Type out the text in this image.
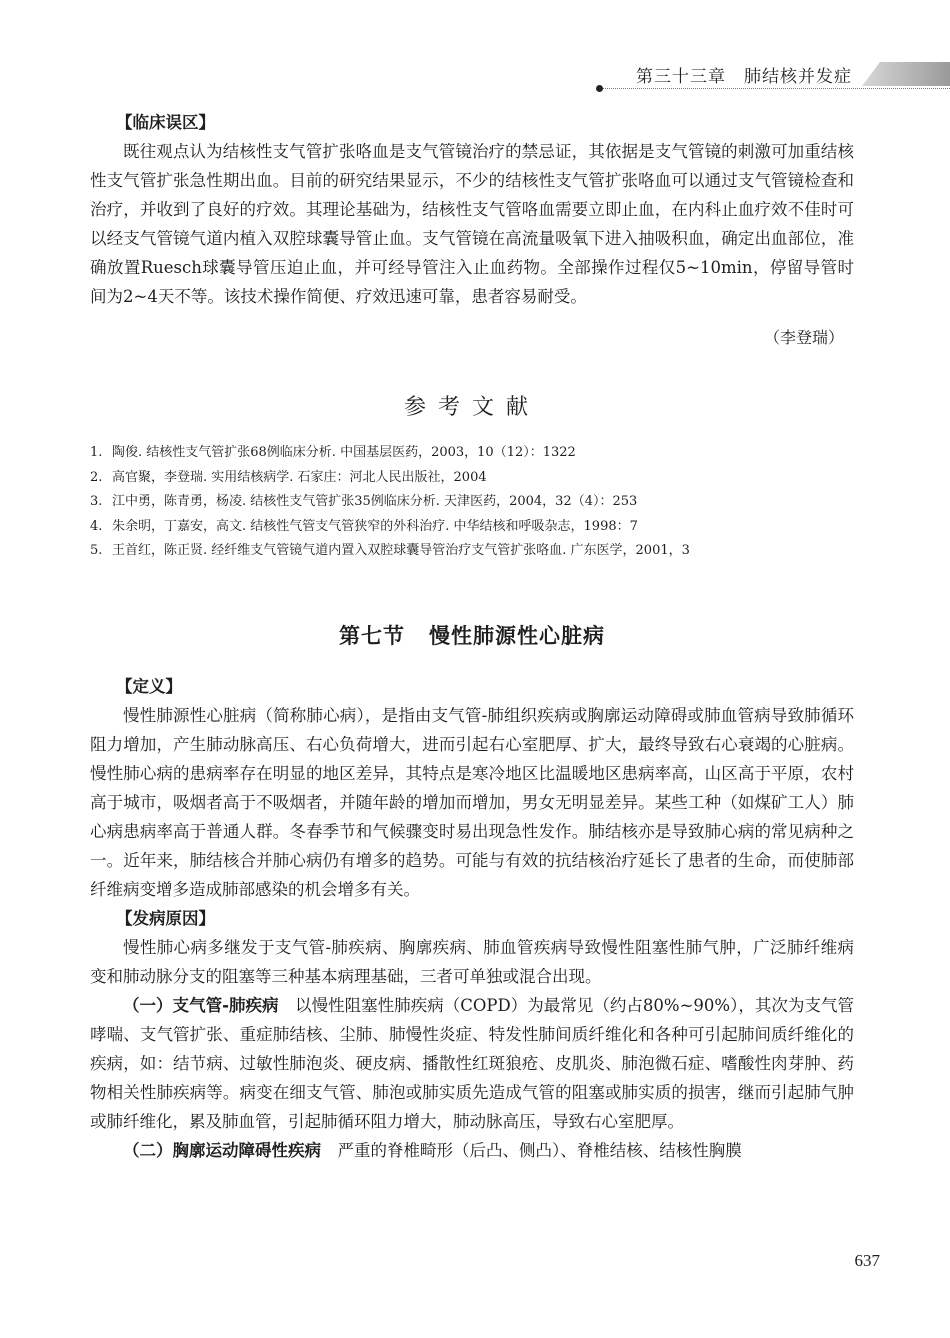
第三十三章　肺结核并发症

【临床误区】

既往观点认为结核性支气管扩张咯血是支气管镜治疗的禁忌证，其依据是支气管镜的刺激可加重结核性支气管扩张急性期出血。目前的研究结果显示，不少的结核性支气管扩张咯血可以通过支气管镜检查和治疗，并收到了良好的疗效。其理论基础为，结核性支气管咯血需要立即止血，在内科止血疗效不佳时可以经支气管镜气道内植入双腔球囊导管止血。支气管镜在高流量吸氧下进入抽吸积血，确定出血部位，准确放置Ruesch球囊导管压迫止血，并可经导管注入止血药物。全部操作过程仅5~10min，停留导管时间为2~4天不等。该技术操作简便、疗效迅速可靠，患者容易耐受。

（李登瑞）

参考文献
1. 陶俊. 结核性支气管扩张68例临床分析. 中国基层医药，2003，10（12）：1322
2. 高官聚，李登瑞. 实用结核病学. 石家庄：河北人民出版社，2004
3. 江中勇，陈青勇，杨凌. 结核性支气管扩张35例临床分析. 天津医药，2004，32（4）：253
4. 朱余明，丁嘉安，高文. 结核性气管支气管狭窄的外科治疗. 中华结核和呼吸杂志，1998：7
5. 王首红，陈正贤. 经纤维支气管镜气道内置入双腔球囊导管治疗支气管扩张咯血. 广东医学，2001，3
第七节 慢性肺源性心脏病

【定义】

慢性肺源性心脏病（简称肺心病），是指由支气管-肺组织疾病或胸廓运动障碍或肺血管病导致肺循环阻力增加，产生肺动脉高压、右心负荷增大，进而引起右心室肥厚、扩大，最终导致右心衰竭的心脏病。慢性肺心病的患病率存在明显的地区差异，其特点是寒冷地区比温暖地区患病率高，山区高于平原，农村高于城市，吸烟者高于不吸烟者，并随年龄的增加而增加，男女无明显差异。某些工种（如煤矿工人）肺心病患病率高于普通人群。冬春季节和气候骤变时易出现急性发作。肺结核亦是导致肺心病的常见病种之一。近年来，肺结核合并肺心病仍有增多的趋势。可能与有效的抗结核治疗延长了患者的生命，而使肺部纤维病变增多造成肺部感染的机会增多有关。

【发病原因】

慢性肺心病多继发于支气管-肺疾病、胸廓疾病、肺血管疾病导致慢性阻塞性肺气肿，广泛肺纤维病变和肺动脉分支的阻塞等三种基本病理基础，三者可单独或混合出现。

（一）支气管-肺疾病　 以慢性阻塞性肺疾病（COPD）为最常见（约占80%~90%），其次为支气管哮喘、支气管扩张、重症肺结核、尘肺、肺慢性炎症、特发性肺间质纤维化和各种可引起肺间质纤维化的疾病，如：结节病、过敏性肺泡炎、硬皮病、播散性红斑狼疮、皮肌炎、肺泡微石症、嗜酸性肉芽肿、药物相关性肺疾病等。病变在细支气管、肺泡或肺实质先造成气管的阻塞或肺实质的损害，继而引起肺气肿或肺纤维化，累及肺血管，引起肺循环阻力增大，肺动脉高压，导致右心室肥厚。

（二）胸廓运动障碍性疾病　 严重的脊椎畸形（后凸、侧凸）、脊椎结核、结核性胸膜

637
